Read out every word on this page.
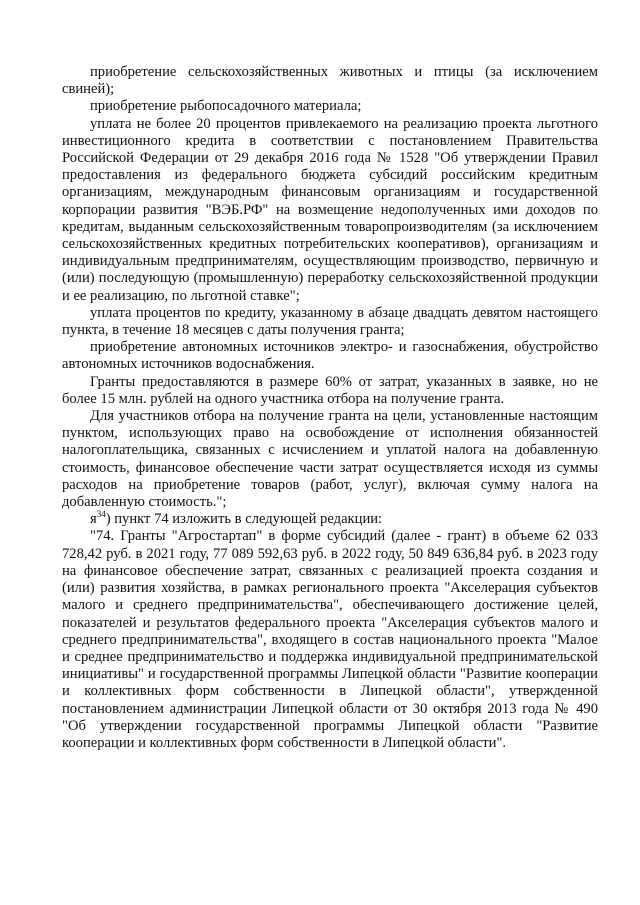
приобретение сельскохозяйственных животных и птицы (за исключением свиней);

приобретение рыбопосадочного материала;

уплата не более 20 процентов привлекаемого на реализацию проекта льготного инвестиционного кредита в соответствии с постановлением Правительства Российской Федерации от 29 декабря 2016 года № 1528 "Об утверждении Правил предоставления из федерального бюджета субсидий российским кредитным организациям, международным финансовым организациям и государственной корпорации развития "ВЭБ.РФ" на возмещение недополученных ими доходов по кредитам, выданным сельскохозяйственным товаропроизводителям (за исключением сельскохозяйственных кредитных потребительских кооперативов), организациям и индивидуальным предпринимателям, осуществляющим производство, первичную и (или) последующую (промышленную) переработку сельскохозяйственной продукции и ее реализацию, по льготной ставке";

уплата процентов по кредиту, указанному в абзаце двадцать девятом настоящего пункта, в течение 18 месяцев с даты получения гранта;

приобретение автономных источников электро- и газоснабжения, обустройство автономных источников водоснабжения.

Гранты предоставляются в размере 60% от затрат, указанных в заявке, но не более 15 млн. рублей на одного участника отбора на получение гранта.

Для участников отбора на получение гранта на цели, установленные настоящим пунктом, использующих право на освобождение от исполнения обязанностей налогоплательщика, связанных с исчислением и уплатой налога на добавленную стоимость, финансовое обеспечение части затрат осуществляется исходя из суммы расходов на приобретение товаров (работ, услуг), включая сумму налога на добавленную стоимость.";

$я^{34}$) пункт 74 изложить в следующей редакции:

"74. Гранты "Агростартап" в форме субсидий (далее - грант) в объеме 62 033 728,42 руб. в 2021 году, 77 089 592,63 руб. в 2022 году, 50 849 636,84 руб. в 2023 году на финансовое обеспечение затрат, связанных с реализацией проекта создания и (или) развития хозяйства, в рамках регионального проекта "Акселерация субъектов малого и среднего предпринимательства", обеспечивающего достижение целей, показателей и результатов федерального проекта "Акселерация субъектов малого и среднего предпринимательства", входящего в состав национального проекта "Малое и среднее предпринимательство и поддержка индивидуальной предпринимательской инициативы" и государственной программы Липецкой области "Развитие кооперации и коллективных форм собственности в Липецкой области", утвержденной постановлением администрации Липецкой области от 30 октября 2013 года № 490 "Об утверждении государственной программы Липецкой области "Развитие кооперации и коллективных форм собственности в Липецкой области".
